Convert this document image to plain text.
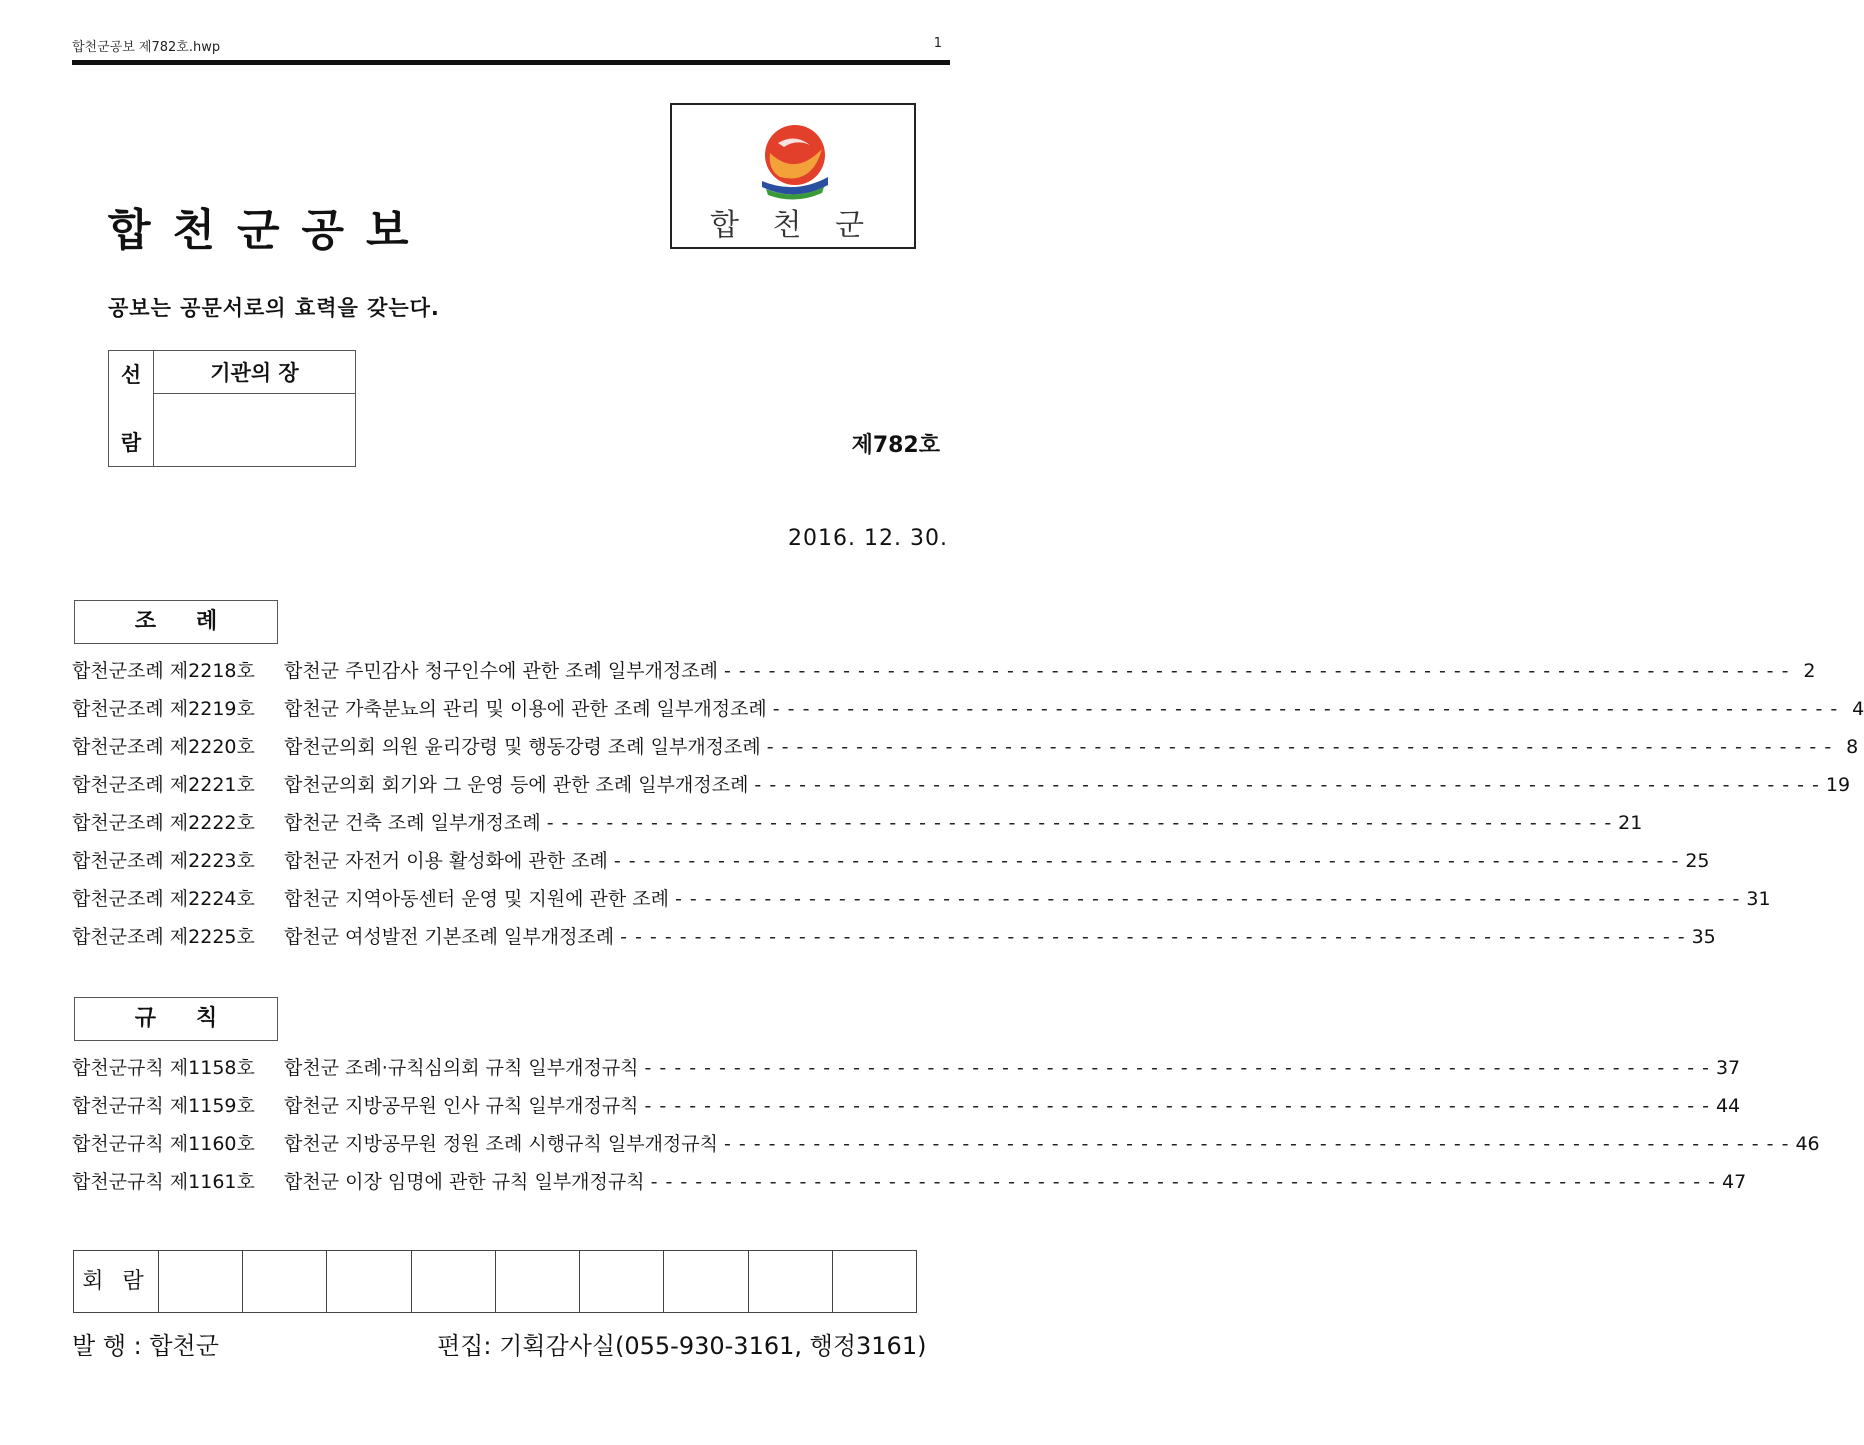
합천군공보 제782호.hwp	1
합 천 군
합천군공보
공보는 공문서로의 효력을 갖는다.
선
람
기관의 장
제782호
2016. 12. 30.
조례
합천군조례 제2218호	합천군 주민감사 청구인수에 관한 조례 일부개정조례 - - - - - - - - - - - - - - - - - - - - - - - - - - - - - - - - - - - - - - - - - - - - - - - - - - - - - - - - - - - - - - - - - - - - - - - - 2
합천군조례 제2219호	합천군 가축분뇨의 관리 및 이용에 관한 조례 일부개정조례 - - - - - - - - - - - - - - - - - - - - - - - - - - - - - - - - - - - - - - - - - - - - - - - - - - - - - - - - - - - - - - - - - - - - - - - - 4
합천군조례 제2220호	합천군의회 의원 윤리강령 및 행동강령 조례 일부개정조례 - - - - - - - - - - - - - - - - - - - - - - - - - - - - - - - - - - - - - - - - - - - - - - - - - - - - - - - - - - - - - - - - - - - - - - - - 8
합천군조례 제2221호	합천군의회 회기와 그 운영 등에 관한 조례 일부개정조례 - - - - - - - - - - - - - - - - - - - - - - - - - - - - - - - - - - - - - - - - - - - - - - - - - - - - - - - - - - - - - - - - - - - - - - - - 19
합천군조례 제2222호	합천군 건축 조례 일부개정조례 - - - - - - - - - - - - - - - - - - - - - - - - - - - - - - - - - - - - - - - - - - - - - - - - - - - - - - - - - - - - - - - - - - - - - - - - 21
합천군조례 제2223호	합천군 자전거 이용 활성화에 관한 조례 - - - - - - - - - - - - - - - - - - - - - - - - - - - - - - - - - - - - - - - - - - - - - - - - - - - - - - - - - - - - - - - - - - - - - - - - 25
합천군조례 제2224호	합천군 지역아동센터 운영 및 지원에 관한 조례 - - - - - - - - - - - - - - - - - - - - - - - - - - - - - - - - - - - - - - - - - - - - - - - - - - - - - - - - - - - - - - - - - - - - - - - - 31
합천군조례 제2225호	합천군 여성발전 기본조례 일부개정조례 - - - - - - - - - - - - - - - - - - - - - - - - - - - - - - - - - - - - - - - - - - - - - - - - - - - - - - - - - - - - - - - - - - - - - - - - 35
규칙
합천군규칙 제1158호	합천군 조례·규칙심의회 규칙 일부개정규칙 - - - - - - - - - - - - - - - - - - - - - - - - - - - - - - - - - - - - - - - - - - - - - - - - - - - - - - - - - - - - - - - - - - - - - - - - 37
합천군규칙 제1159호	합천군 지방공무원 인사 규칙 일부개정규칙 - - - - - - - - - - - - - - - - - - - - - - - - - - - - - - - - - - - - - - - - - - - - - - - - - - - - - - - - - - - - - - - - - - - - - - - - 44
합천군규칙 제1160호	합천군 지방공무원 정원 조례 시행규칙 일부개정규칙 - - - - - - - - - - - - - - - - - - - - - - - - - - - - - - - - - - - - - - - - - - - - - - - - - - - - - - - - - - - - - - - - - - - - - - - - 46
합천군규칙 제1161호	합천군 이장 임명에 관한 규칙 일부개정규칙 - - - - - - - - - - - - - - - - - - - - - - - - - - - - - - - - - - - - - - - - - - - - - - - - - - - - - - - - - - - - - - - - - - - - - - - - 47
회 람
발 행 : 합천군	편집: 기획감사실(055-930-3161, 행정3161)
